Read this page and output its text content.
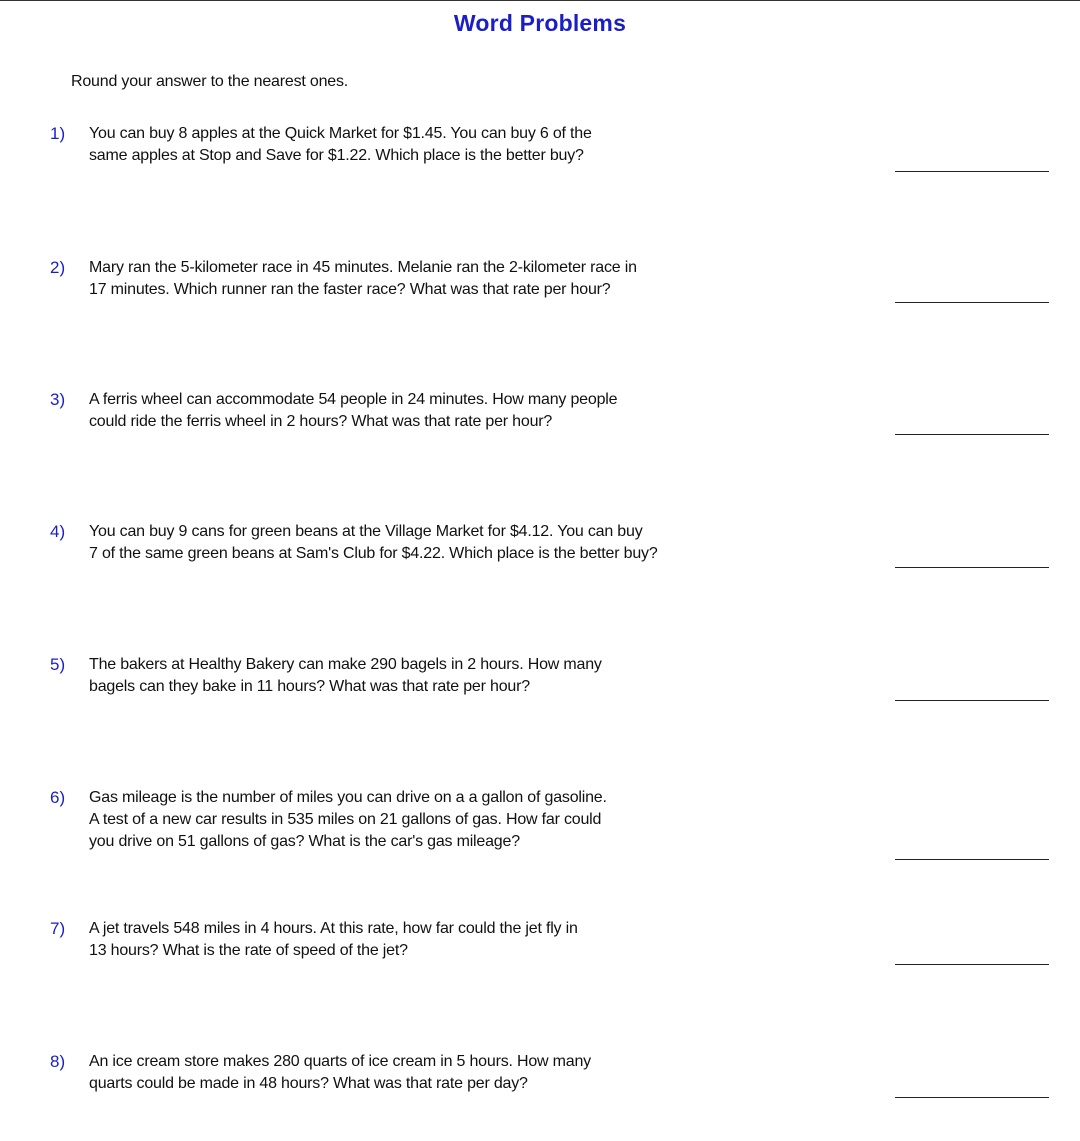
Word Problems
Round your answer to the nearest ones.
1) You can buy 8 apples at the Quick Market for $1.45. You can buy 6 of the
same apples at Stop and Save for $1.22. Which place is the better buy?
2) Mary ran the 5-kilometer race in 45 minutes. Melanie ran the 2-kilometer race in
17 minutes. Which runner ran the faster race? What was that rate per hour?
3) A ferris wheel can accommodate 54 people in 24 minutes. How many people
could ride the ferris wheel in 2 hours? What was that rate per hour?
4) You can buy 9 cans for green beans at the Village Market for $4.12. You can buy
7 of the same green beans at Sam's Club for $4.22. Which place is the better buy?
5) The bakers at Healthy Bakery can make 290 bagels in 2 hours. How many
bagels can they bake in 11 hours? What was that rate per hour?
6) Gas mileage is the number of miles you can drive on a a gallon of gasoline.
A test of a new car results in 535 miles on 21 gallons of gas. How far could
you drive on 51 gallons of gas? What is the car's gas mileage?
7) A jet travels 548 miles in 4 hours. At this rate, how far could the jet fly in
13 hours? What is the rate of speed of the jet?
8) An ice cream store makes 280 quarts of ice cream in 5 hours. How many
quarts could be made in 48 hours? What was that rate per day?
